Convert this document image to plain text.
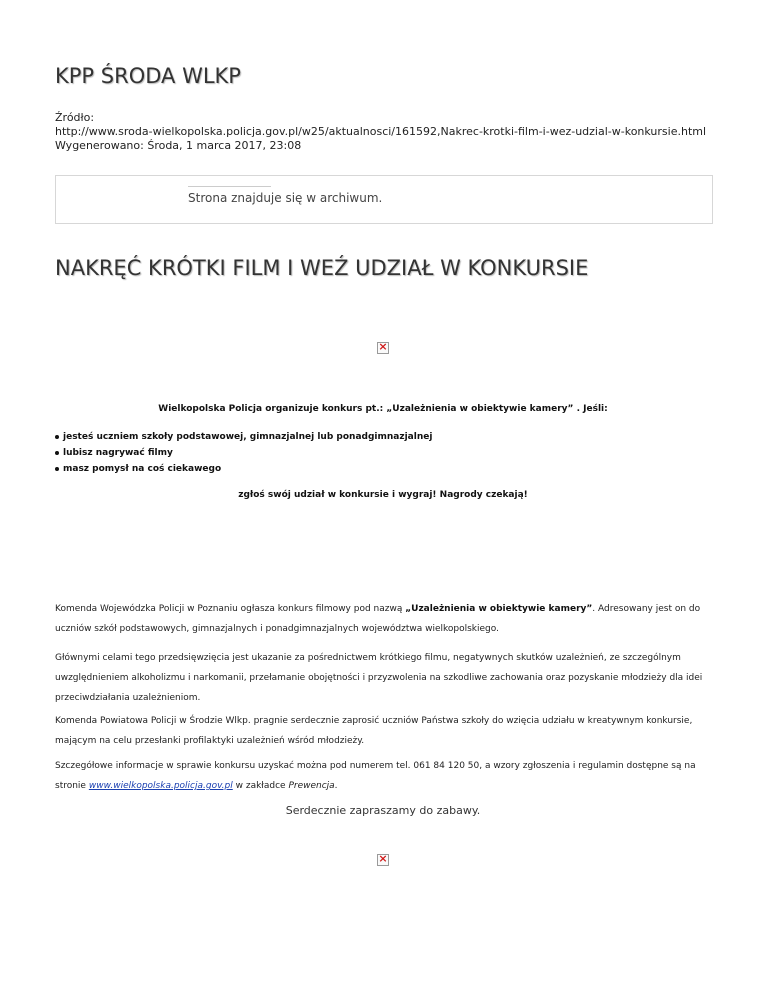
KPP ŚRODA WLKP
Źródło:
http://www.sroda-wielkopolska.policja.gov.pl/w25/aktualnosci/161592,Nakrec-krotki-film-i-wez-udzial-w-konkursie.html
Wygenerowano: Środa, 1 marca 2017, 23:08
Strona znajduje się w archiwum.
NAKRĘĆ KRÓTKI FILM I WEŹ UDZIAŁ W KONKURSIE
×
Wielkopolska Policja organizuje konkurs pt.: „Uzależnienia w obiektywie kamery” . Jeśli:
jesteś uczniem szkoły podstawowej, gimnazjalnej lub ponadgimnazjalnej
lubisz nagrywać filmy
masz pomysł na coś ciekawego
zgłoś swój udział w konkursie i wygraj! Nagrody czekają!

Komenda Wojewódzka Policji w Poznaniu ogłasza konkurs filmowy pod nazwą „Uzależnienia w obiektywie kamery”. Adresowany jest on do uczniów szkół podstawowych, gimnazjalnych i ponadgimnazjalnych województwa wielkopolskiego.

Głównymi celami tego przedsięwzięcia jest ukazanie za pośrednictwem krótkiego filmu, negatywnych skutków uzależnień, ze szczególnym uwzględnieniem alkoholizmu i narkomanii, przełamanie obojętności i przyzwolenia na szkodliwe zachowania oraz pozyskanie młodzieży dla idei przeciwdziałania uzależnieniom.

Komenda Powiatowa Policji w Środzie Wlkp. pragnie serdecznie zaprosić uczniów Państwa szkoły do wzięcia udziału w kreatywnym konkursie, mającym na celu przesłanki profilaktyki uzależnień wśród młodzieży.

Szczegółowe informacje w sprawie konkursu uzyskać można pod numerem tel. 061 84 120 50, a wzory zgłoszenia i regulamin dostępne są na stronie www.wielkopolska.policja.gov.pl w zakładce Prewencja.

Serdecznie zapraszamy do zabawy.
×
